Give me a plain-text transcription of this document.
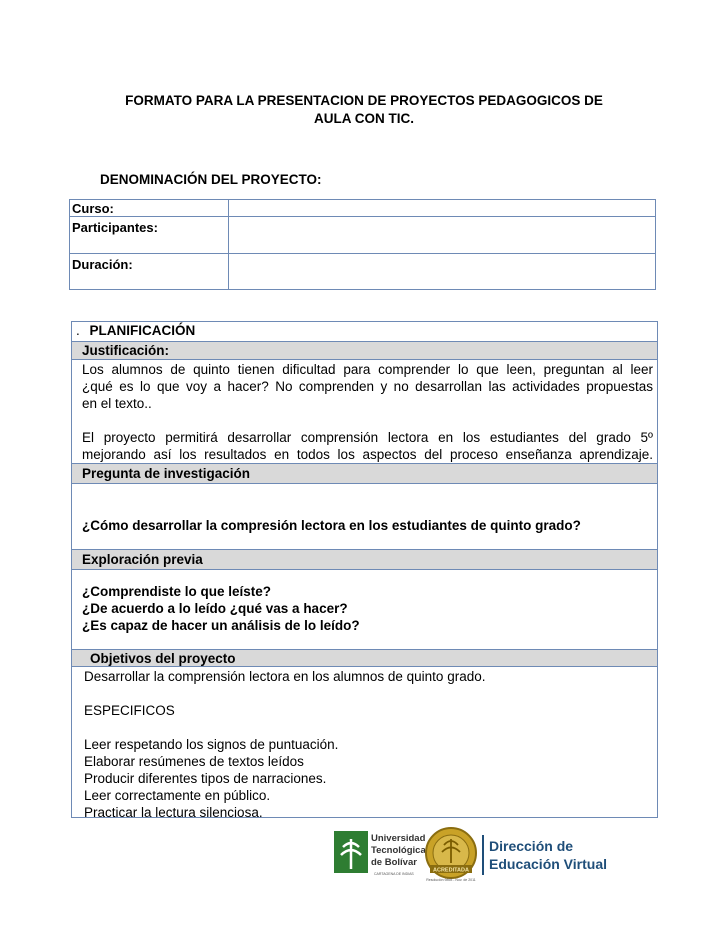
FORMATO PARA LA PRESENTACION DE PROYECTOS PEDAGOGICOS DE
AULA CON TIC.
DENOMINACIÓN DEL PROYECTO:
Curso:
Participantes:
Duración:
. PLANIFICACIÓN
Justificación:

Los alumnos de quinto tienen dificultad para comprender lo que leen, preguntan al leer

¿qué es lo que voy a hacer? No comprenden y no desarrollan las actividades propuestas

en el texto..

El proyecto permitirá desarrollar comprensión lectora en los estudiantes del grado 5º

mejorando así los resultados en todos los aspectos del proceso enseñanza aprendizaje.

Pregunta de investigación
¿Cómo desarrollar la compresión lectora en los estudiantes de quinto grado?
Exploración previa
¿Comprendiste lo que leíste?
¿De acuerdo a lo leído ¿qué vas a hacer?
¿Es capaz de hacer un análisis de lo leído?
Objetivos del proyecto
Desarrollar la comprensión lectora en los alumnos de quinto grado.
ESPECIFICOS
Leer respetando los signos de puntuación.
Elaborar resúmenes de textos leídos
Producir diferentes tipos de narraciones.
Leer correctamente en público.
Practicar la lectura silenciosa.
Universidad
Tecnológica
de Bolívar
CARTAGENA DE INDIAS
ACREDITADA
Resolución 9898 - Nov. de 2011
Dirección de
Educación Virtual
